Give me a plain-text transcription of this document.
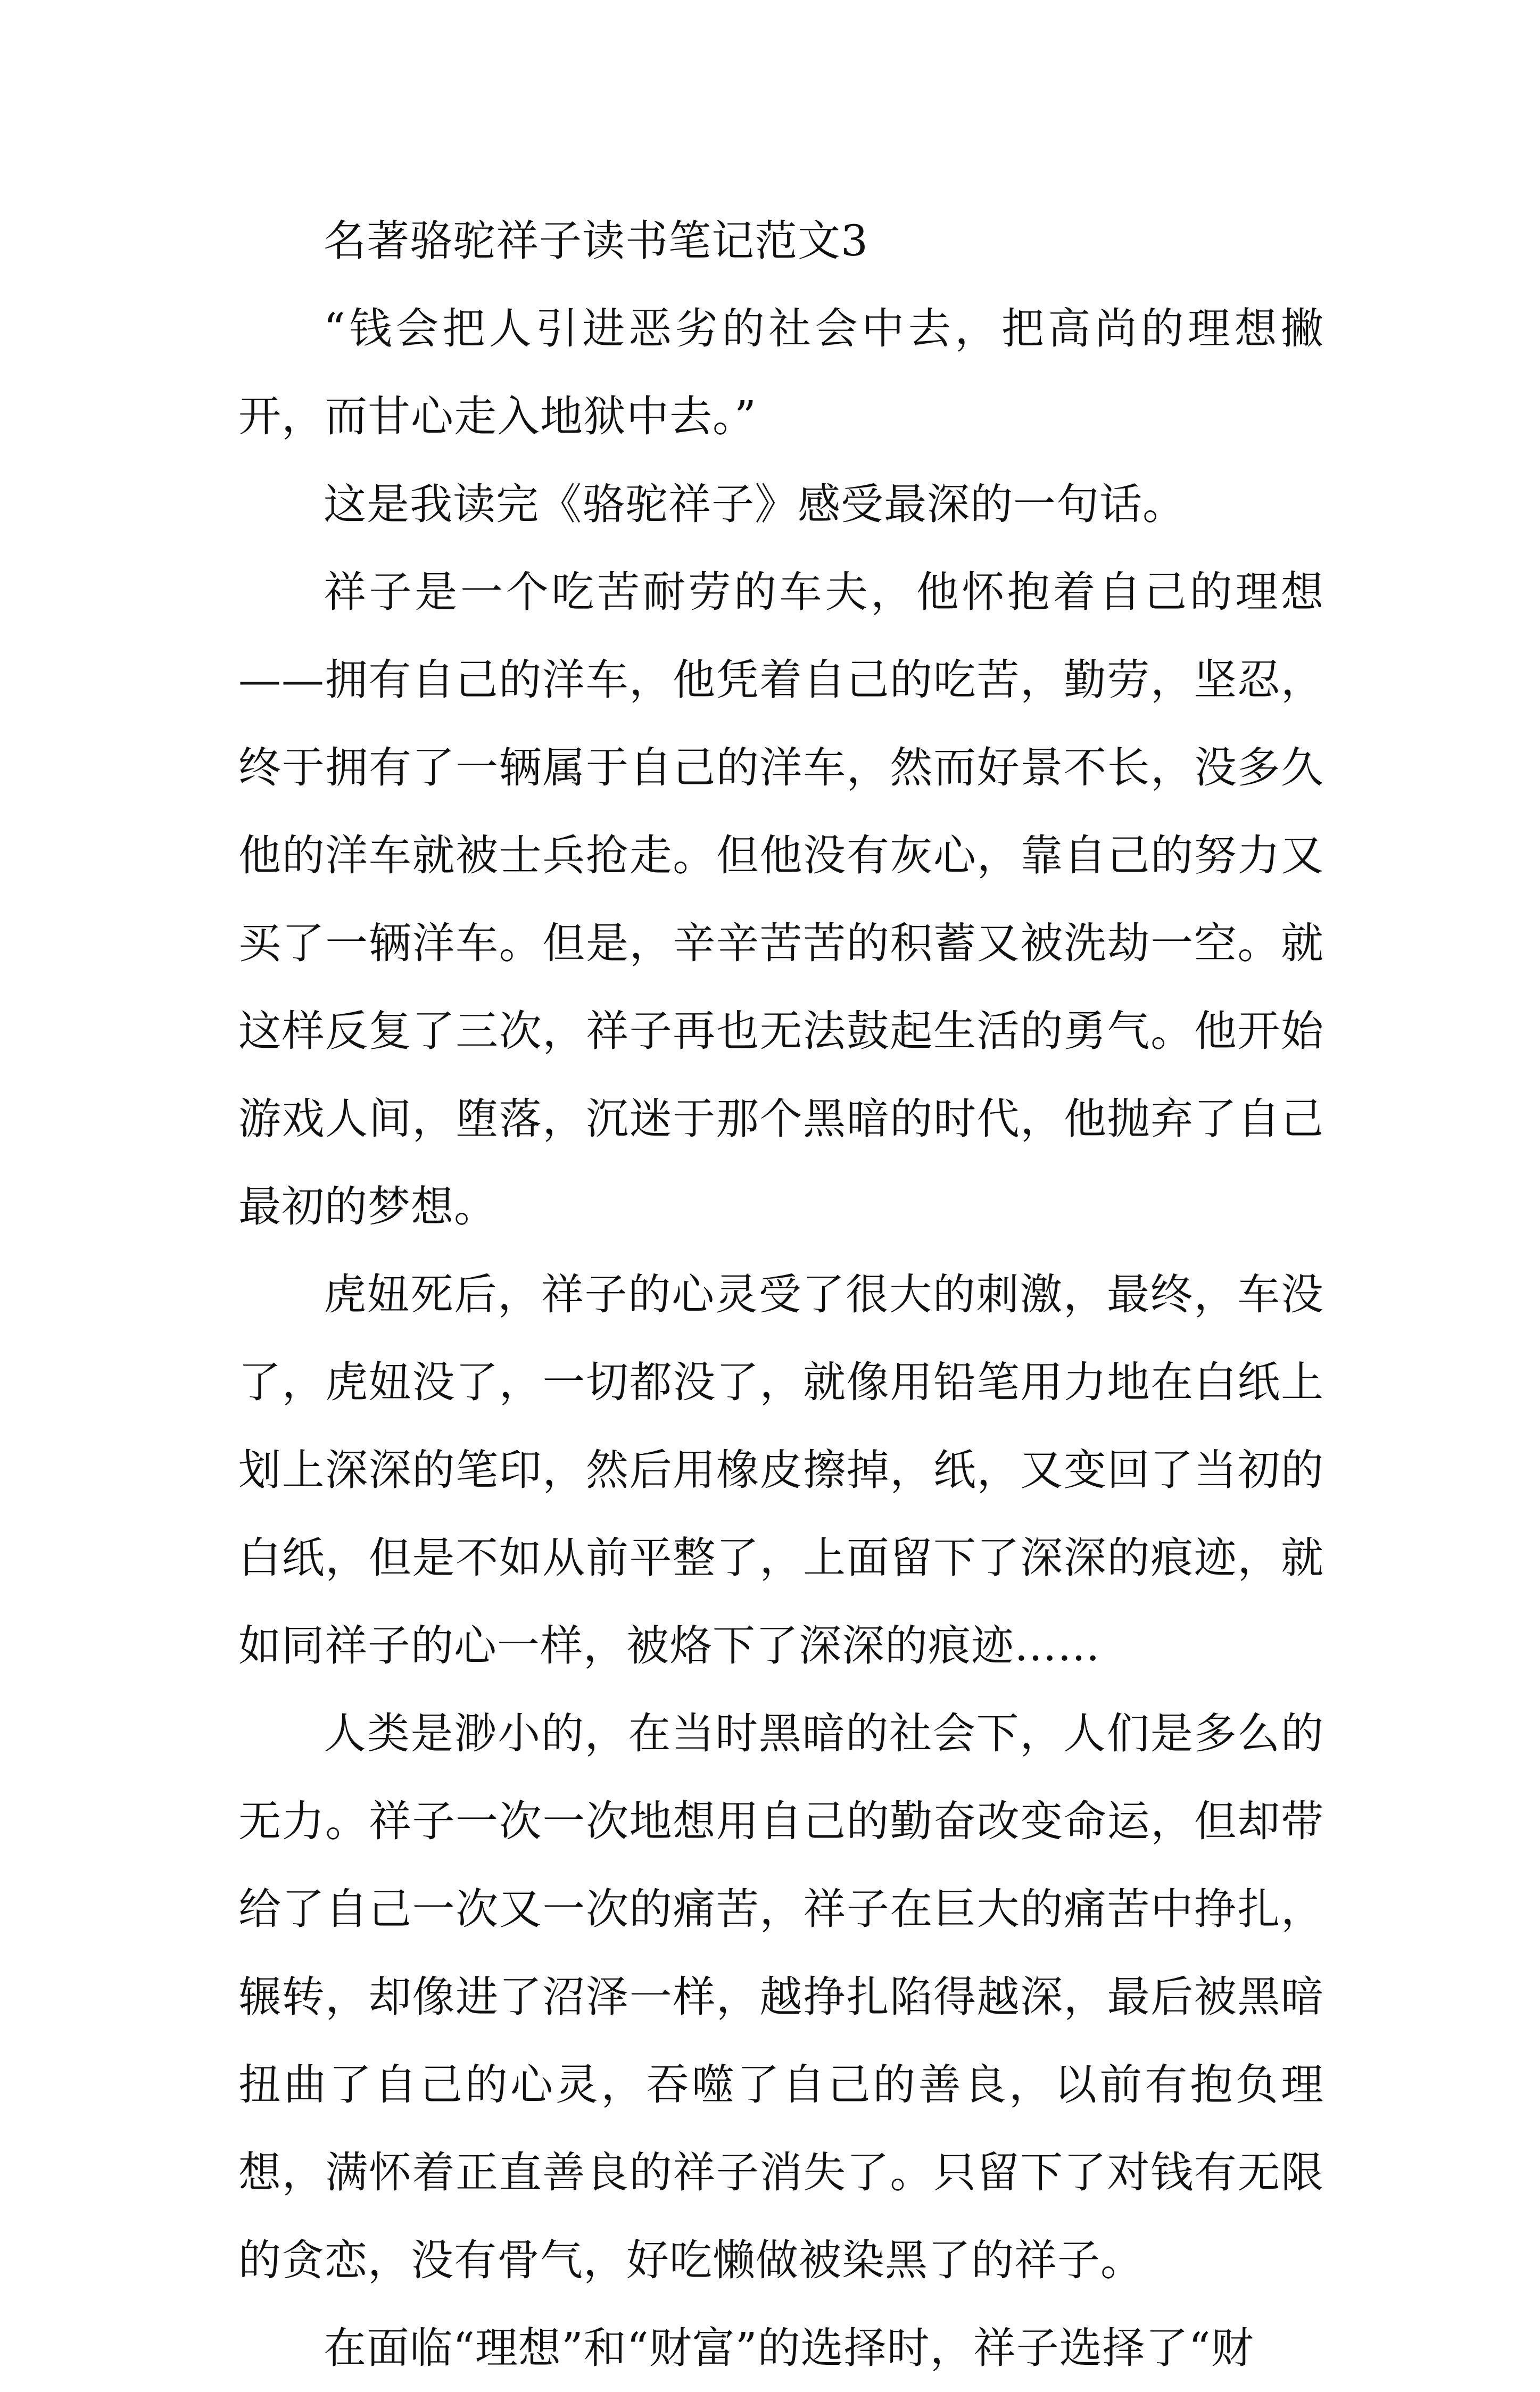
名著骆驼祥子读书笔记范文3

“钱会把人引进恶劣的社会中去，把高尚的理想撇开，而甘心走入地狱中去。”

这是我读完《骆驼祥子》感受最深的一句话。

祥子是一个吃苦耐劳的车夫，他怀抱着自己的理想——拥有自己的洋车，他凭着自己的吃苦，勤劳，坚忍，终于拥有了一辆属于自己的洋车，然而好景不长，没多久他的洋车就被士兵抢走。但他没有灰心，靠自己的努力又买了一辆洋车。但是，辛辛苦苦的积蓄又被洗劫一空。就这样反复了三次，祥子再也无法鼓起生活的勇气。他开始游戏人间，堕落，沉迷于那个黑暗的时代，他抛弃了自己最初的梦想。

虎妞死后，祥子的心灵受了很大的刺激，最终，车没了，虎妞没了，一切都没了，就像用铅笔用力地在白纸上划上深深的笔印，然后用橡皮擦掉，纸，又变回了当初的白纸，但是不如从前平整了，上面留下了深深的痕迹，就如同祥子的心一样，被烙下了深深的痕迹……

人类是渺小的，在当时黑暗的社会下，人们是多么的无力。祥子一次一次地想用自己的勤奋改变命运，但却带给了自己一次又一次的痛苦，祥子在巨大的痛苦中挣扎，辗转，却像进了沼泽一样，越挣扎陷得越深，最后被黑暗扭曲了自己的心灵，吞噬了自己的善良，以前有抱负理想，满怀着正直善良的祥子消失了。只留下了对钱有无限的贪恋，没有骨气，好吃懒做被染黑了的祥子。

在面临“理想”和“财富”的选择时，祥子选择了“财
